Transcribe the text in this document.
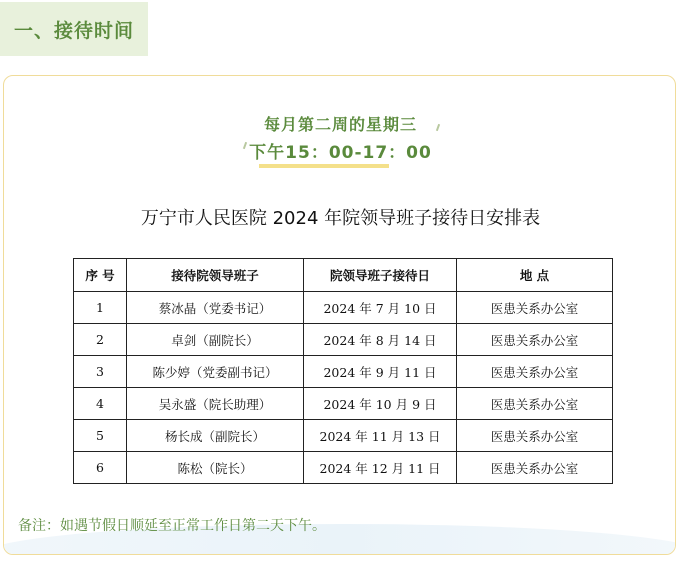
一、接待时间
每月第二周的星期三
下午15：00-17：00
万宁市人民医院 2024 年院领导班子接待日安排表
序 号	接待院领导班子	院领导班子接待日	地 点
1	蔡冰晶（党委书记）	2024 年 7 月 10 日	医患关系办公室
2	卓剑（副院长）	2024 年 8 月 14 日	医患关系办公室
3	陈少婷（党委副书记）	2024 年 9 月 11 日	医患关系办公室
4	吴永盛（院长助理）	2024 年 10 月 9 日	医患关系办公室
5	杨长成（副院长）	2024 年 11 月 13 日	医患关系办公室
6	陈松（院长）	2024 年 12 月 11 日	医患关系办公室
备注：如遇节假日顺延至正常工作日第二天下午。
